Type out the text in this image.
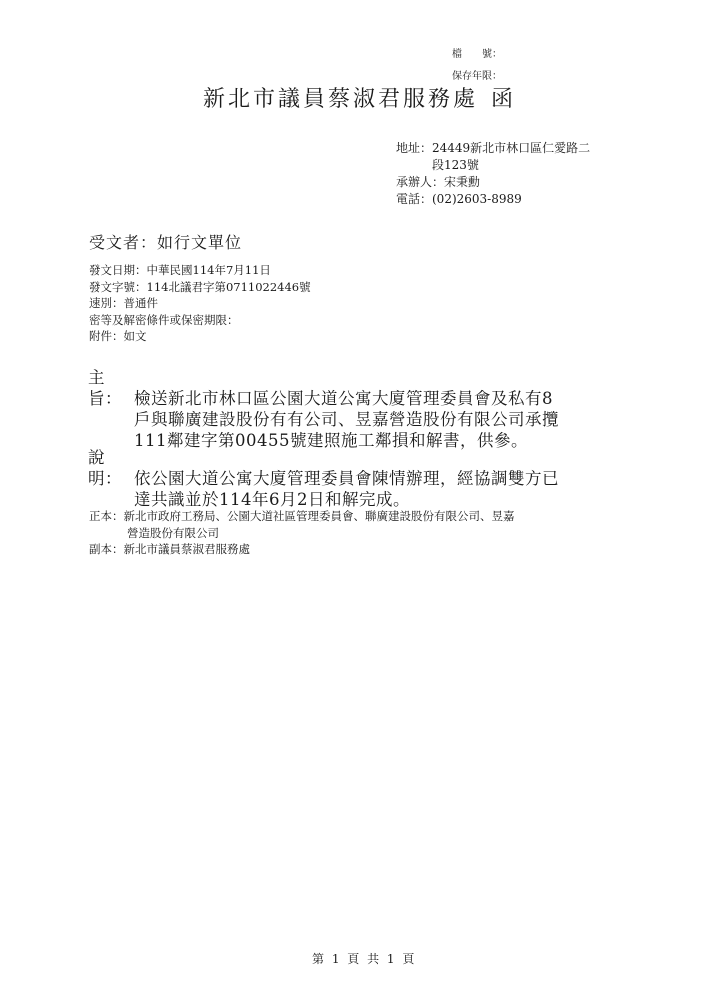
檔　　號：
保存年限：
新北市議員蔡淑君服務處 函
地址：24449新北市林口區仁愛路二
段123號
承辦人：宋秉勳
電話：(02)2603-8989
受文者：如行文單位
發文日期：中華民國114年7月11日
發文字號：114北議君字第0711022446號
速別：普通件
密等及解密條件或保密期限：
附件：如文
主旨： 檢送新北市林口區公園大道公寓大廈管理委員會及私有8
戶與聯廣建設股份有有公司、昱嘉營造股份有限公司承攬
111鄰建字第00455號建照施工鄰損和解書，供參。
說明： 依公園大道公寓大廈管理委員會陳情辦理，經協調雙方已
達共識並於114年6月2日和解完成。
正本：新北市政府工務局、公園大道社區管理委員會、聯廣建設股份有限公司、昱嘉
營造股份有限公司
副本：新北市議員蔡淑君服務處
第 1 頁 共 1 頁
